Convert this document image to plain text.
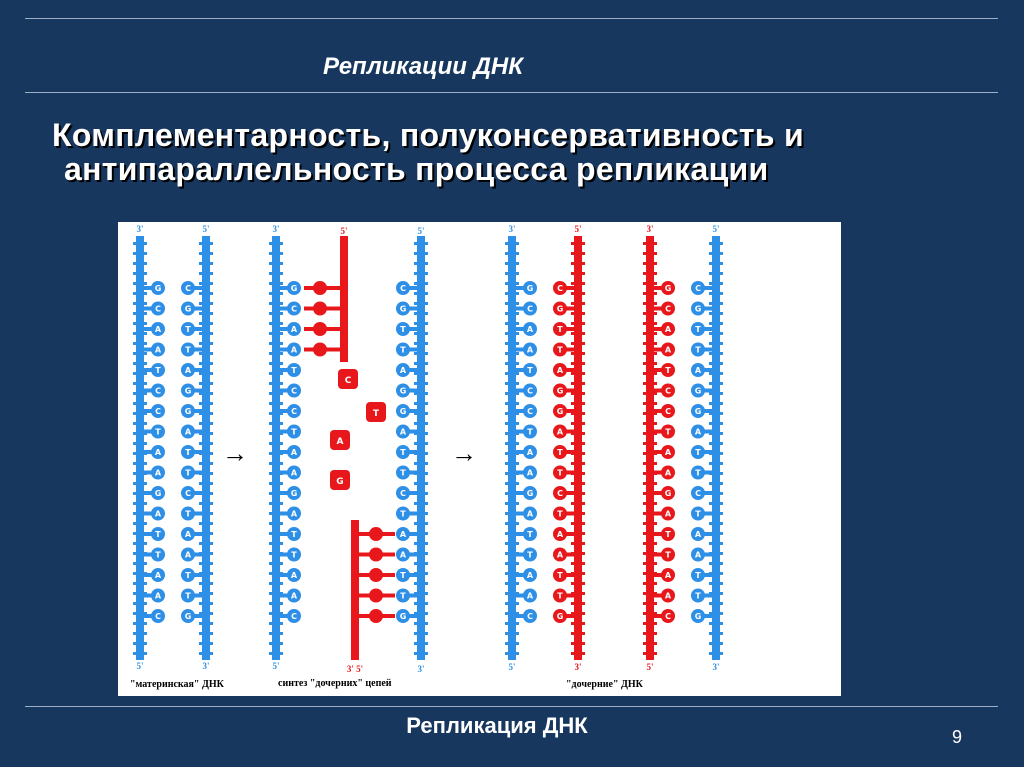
Репликации ДНК
Комплементарность, полуконсервативность и
антипараллельность процесса репликации
G	C
C	G
A	T
A	T
T	A
C	G
C	G
T	A
A	T
A	T
G	C
A	T
T	A
T	A
A	T
A	T
C	G
3'	5'
5'	3'
G	C
C	G
A	T
A	T
T	A
C	G
C	G
T	A
A	T
A	T
G	C
A	T
T	A
T	A
A	T
A	T
C	G
C
T
A
G
3'	5'	5'
5'	3' 5'	3'
G	C
C	G
A	T
A	T
T	A
C	G
C	G
T	A
A	T
A	T
G	C
A	T
T	A
T	A
A	T
A	T
C	G
G	C
C	G
A	T
A	T
T	A
C	G
C	G
T	A
A	T
A	T
G	C
A	T
T	A
T	A
A	T
A	T
C	G
3'
5'
5'
3'
3'
5'
5'
3'
"материнская" ДНК	синтез "дочерних" цепей	"дочерние" ДНК
→	→
Репликация ДНК	9
